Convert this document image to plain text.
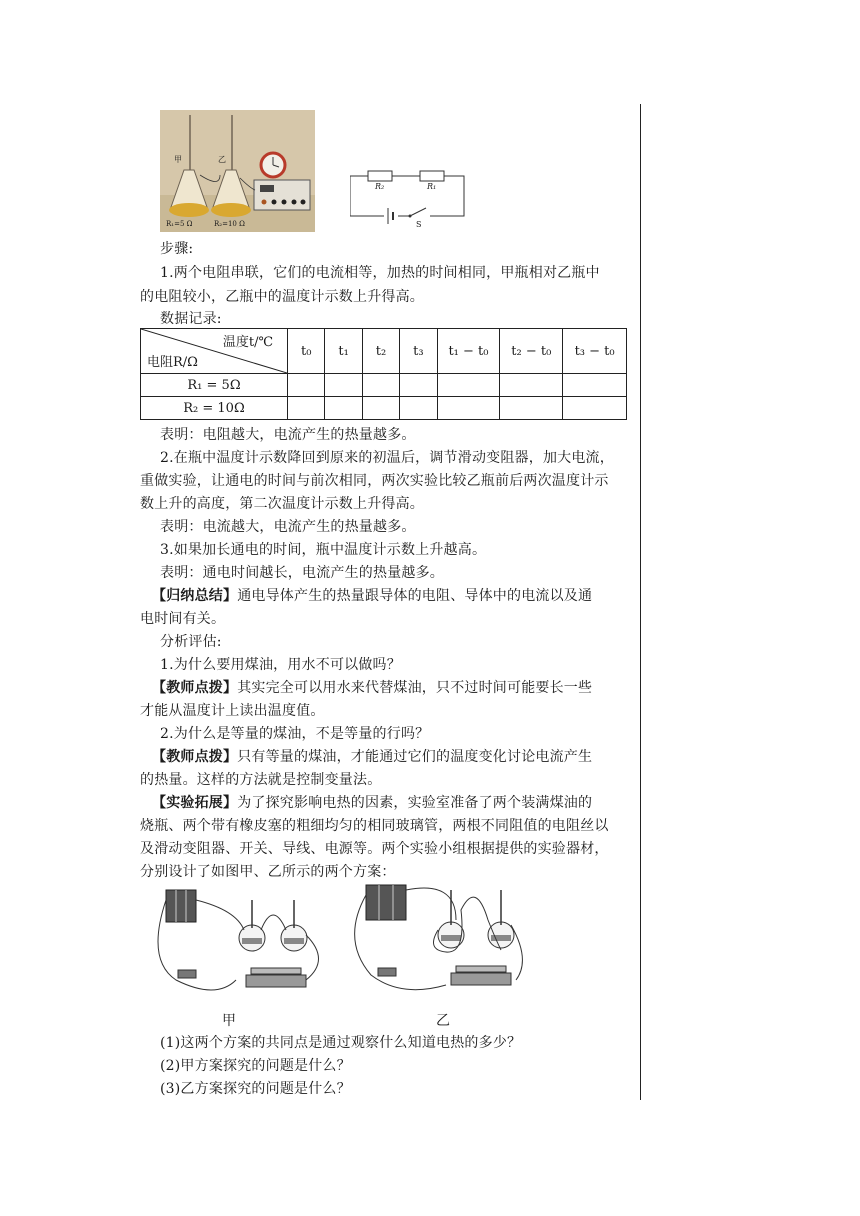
甲	乙
R₁=5 Ω	R₂=10 Ω
R₂	R₁
S
步骤:
1.两个电阻串联，它们的电流相等，加热的时间相同，甲瓶相对乙瓶中
的电阻较小，乙瓶中的温度计示数上升得高。
数据记录:
温度t/℃
电阻R/Ω	t₀	t₁	t₂	t₃	t₁ − t₀	t₂ − t₀	t₃ − t₀
R₁ = 5Ω							
R₂ = 10Ω							
表明：电阻越大，电流产生的热量越多。
2.在瓶中温度计示数降回到原来的初温后，调节滑动变阻器，加大电流，
重做实验，让通电的时间与前次相同，两次实验比较乙瓶前后两次温度计示
数上升的高度，第二次温度计示数上升得高。
表明：电流越大，电流产生的热量越多。
3.如果加长通电的时间，瓶中温度计示数上升越高。
表明：通电时间越长，电流产生的热量越多。
【归纳总结】通电导体产生的热量跟导体的电阻、导体中的电流以及通
电时间有关。
分析评估:
1.为什么要用煤油，用水不可以做吗？
【教师点拨】其实完全可以用水来代替煤油，只不过时间可能要长一些
才能从温度计上读出温度值。
2.为什么是等量的煤油，不是等量的行吗？
【教师点拨】只有等量的煤油，才能通过它们的温度变化讨论电流产生
的热量。这样的方法就是控制变量法。
【实验拓展】为了探究影响电热的因素，实验室准备了两个装满煤油的
烧瓶、两个带有橡皮塞的粗细均匀的相同玻璃管，两根不同阻值的电阻丝以
及滑动变阻器、开关、导线、电源等。两个实验小组根据提供的实验器材，
分别设计了如图甲、乙所示的两个方案：
甲	乙
(1)这两个方案的共同点是通过观察什么知道电热的多少？
(2)甲方案探究的问题是什么？
(3)乙方案探究的问题是什么？
